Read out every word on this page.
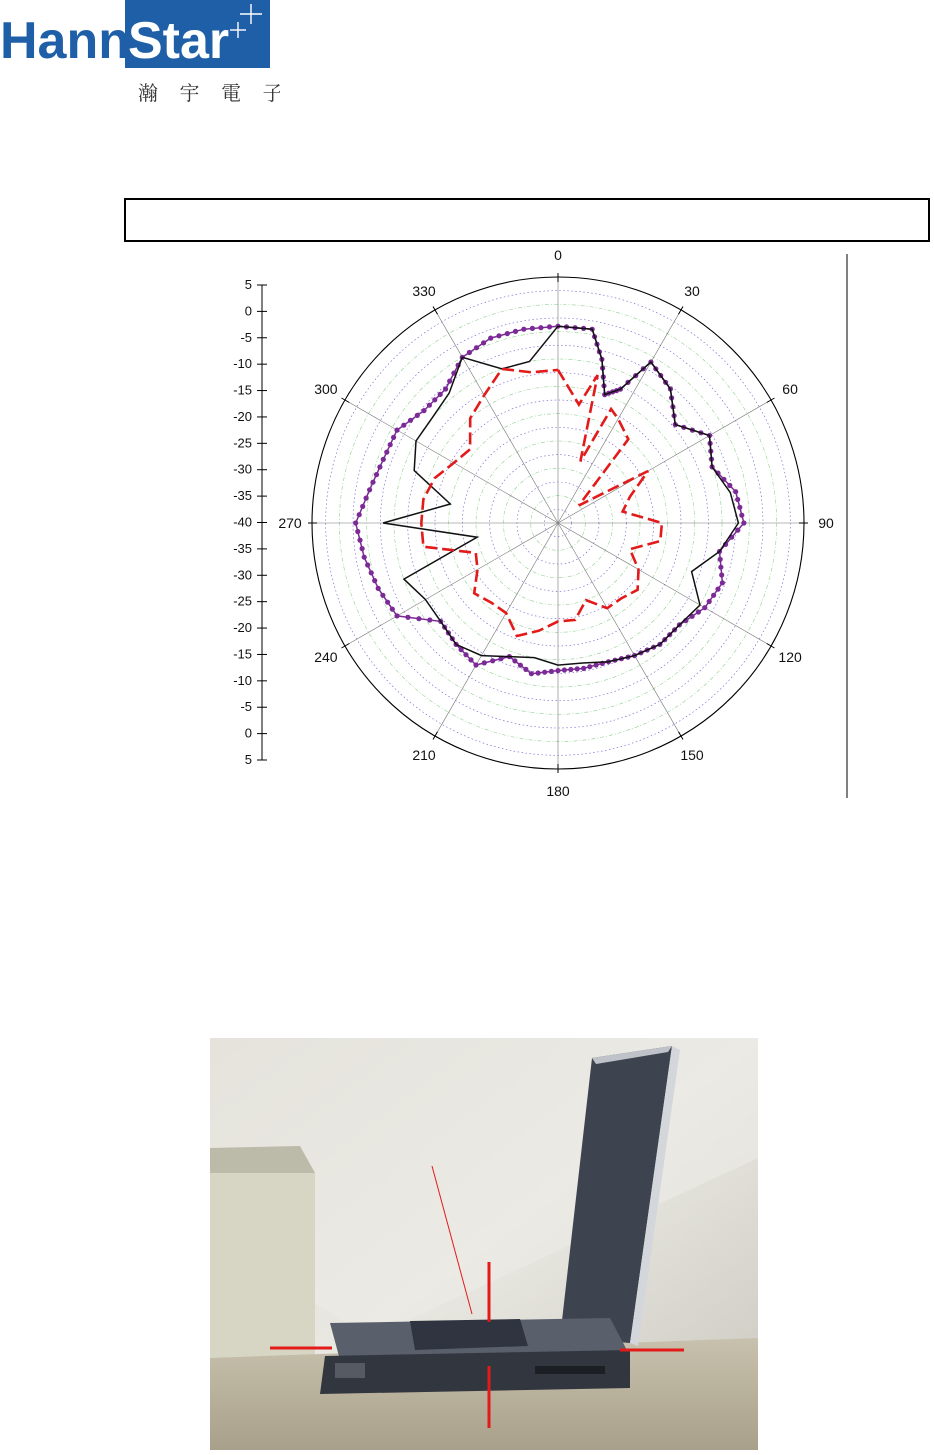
Hann
Star
瀚 宇 電 子
5
0
-5
-10
-15
-20
-25
-30
-35
-40
-35
-30
-25
-20
-15
-10
-5
0
5
0
30
60
90
120
150
180
210
240
270
300
330
